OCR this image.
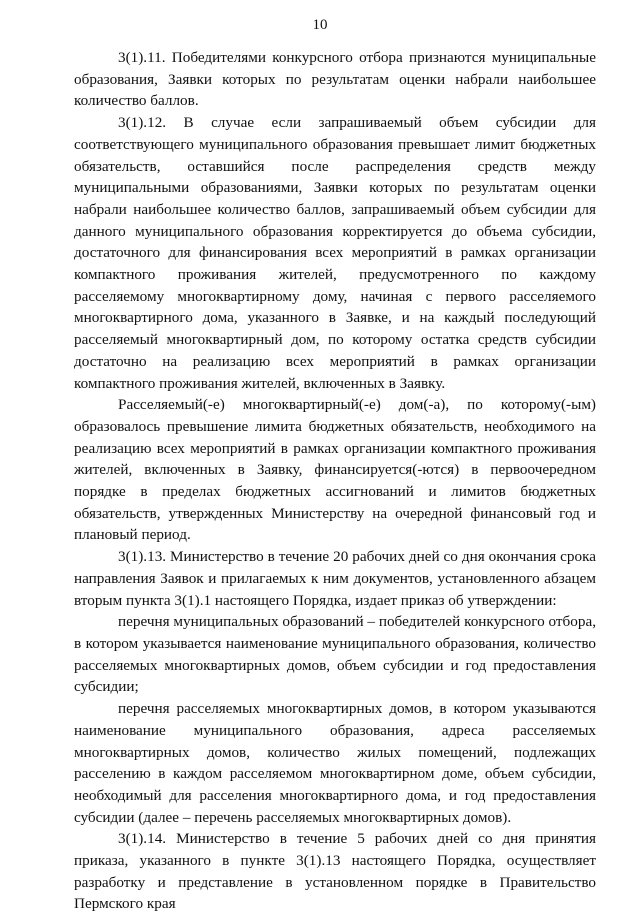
10

3(1).11. Победителями конкурсного отбора признаются муниципальные образования, Заявки которых по результатам оценки набрали наибольшее количество баллов.

3(1).12. В случае если запрашиваемый объем субсидии для соответствующего муниципального образования превышает лимит бюджетных обязательств, оставшийся после распределения средств между муниципальными образованиями, Заявки которых по результатам оценки набрали наибольшее количество баллов, запрашиваемый объем субсидии для данного муниципального образования корректируется до объема субсидии, достаточного для финансирования всех мероприятий в рамках организации компактного проживания жителей, предусмотренного по каждому расселяемому многоквартирному дому, начиная с первого расселяемого многоквартирного дома, указанного в Заявке, и на каждый последующий расселяемый многоквартирный дом, по которому остатка средств субсидии достаточно на реализацию всех мероприятий в рамках организации компактного проживания жителей, включенных в Заявку.

Расселяемый(-е) многоквартирный(-е) дом(-а), по которому(-ым) образовалось превышение лимита бюджетных обязательств, необходимого на реализацию всех мероприятий в рамках организации компактного проживания жителей, включенных в Заявку, финансируется(-ются) в первоочередном порядке в пределах бюджетных ассигнований и лимитов бюджетных обязательств, утвержденных Министерству на очередной финансовый год и плановый период.

3(1).13. Министерство в течение 20 рабочих дней со дня окончания срока направления Заявок и прилагаемых к ним документов, установленного абзацем вторым пункта 3(1).1 настоящего Порядка, издает приказ об утверждении:

перечня муниципальных образований – победителей конкурсного отбора, в котором указывается наименование муниципального образования, количество расселяемых многоквартирных домов, объем субсидии и год предоставления субсидии;

перечня расселяемых многоквартирных домов, в котором указываются наименование муниципального образования, адреса расселяемых многоквартирных домов, количество жилых помещений, подлежащих расселению в каждом расселяемом многоквартирном доме, объем субсидии, необходимый для расселения многоквартирного дома, и год предоставления субсидии (далее – перечень расселяемых многоквартирных домов).

3(1).14. Министерство в течение 5 рабочих дней со дня принятия приказа, указанного в пункте 3(1).13 настоящего Порядка, осуществляет разработку и представление в установленном порядке в Правительство Пермского края
